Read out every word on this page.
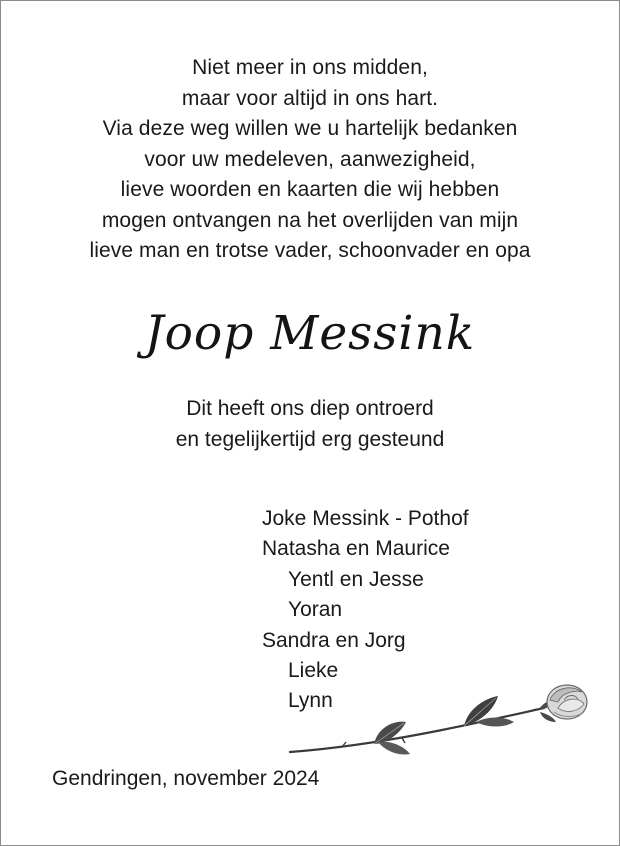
Niet meer in ons midden,
maar voor altijd in ons hart.
Via deze weg willen we u hartelijk bedanken
voor uw medeleven, aanwezigheid,
lieve woorden en kaarten die wij hebben
mogen ontvangen na het overlijden van mijn
lieve man en trotse vader, schoonvader en opa
Joop Messink
Dit heeft ons diep ontroerd
en tegelijkertijd erg gesteund
Joke Messink - Pothof
Natasha en Maurice
Yentl en Jesse
Yoran
Sandra en Jorg
Lieke
Lynn
Gendringen, november 2024
